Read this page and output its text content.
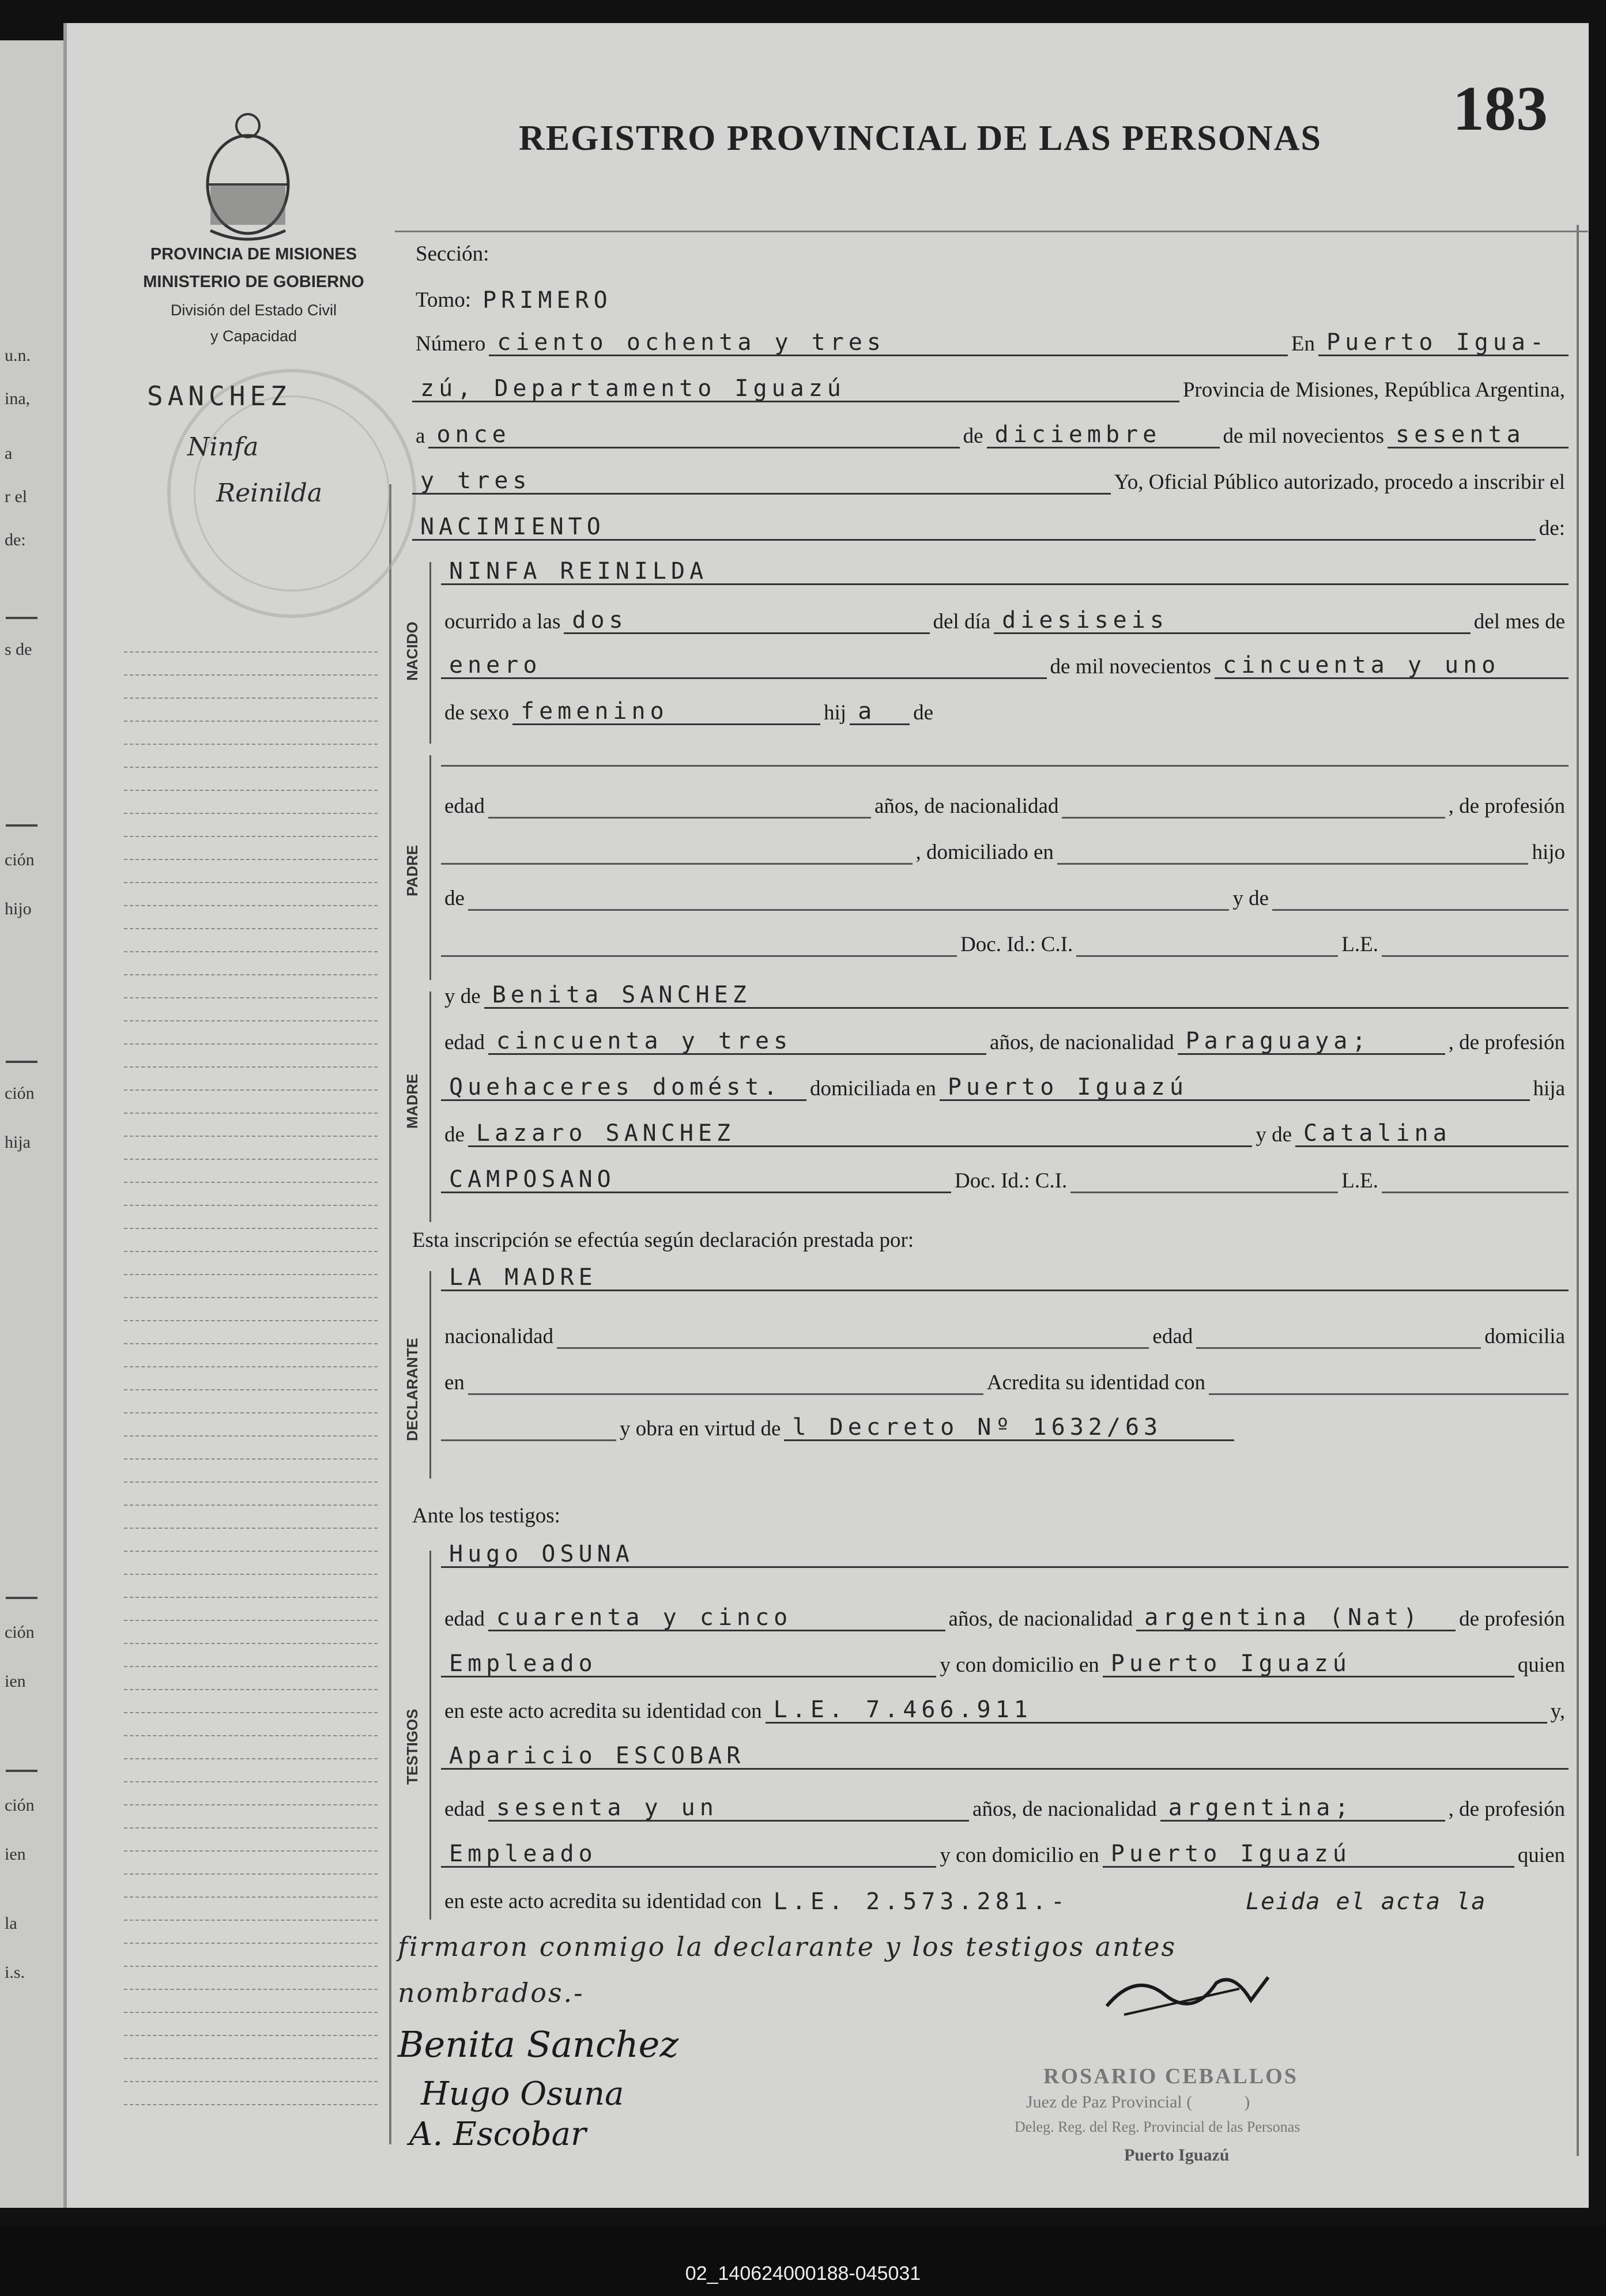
u.n.
ina,
a
r el
de:
s de
ción
hijo
ción
hija
ción
ien
ción
ien
la
i.s.
183
REGISTRO PROVINCIAL DE LAS PERSONAS
PROVINCIA DE MISIONES
MINISTERIO DE GOBIERNO
División del Estado Civil
y Capacidad
SANCHEZ
Ninfa
Reinilda
Sección:
Tomo: PRIMERO
Número ciento ochenta y tres	En Puerto Igua-
zú, Departamento Iguazú	Provincia de Misiones, República Argentina,
a once	de diciembre	de mil novecientos sesenta
y tres	Yo, Oficial Público autorizado, procedo a inscribir el
NACIMIENTO	de:
NACIDO
NINFA REINILDA
ocurrido a las dos	del día diesiseis	del mes de
enero	de mil novecientos cincuenta y uno
de sexo femenino	hij a	de
PADRE
edad	años, de nacionalidad	, de profesión
, domiciliado en	hijo
de	y de
Doc. Id.: C.I.	L.E.
MADRE
y de Benita SANCHEZ
edad cincuenta y tres	años, de nacionalidad Paraguaya;	, de profesión
Quehaceres domést.	domiciliada en Puerto Iguazú	hija
de Lazaro SANCHEZ	y de Catalina
CAMPOSANO	Doc. Id.: C.I.	L.E.
Esta inscripción se efectúa según declaración prestada por:
DECLARANTE
LA MADRE
nacionalidad	edad	domicilia
en	Acredita su identidad con
y obra en virtud de l Decreto Nº 1632/63
Ante los testigos:
TESTIGOS
Hugo OSUNA
edad cuarenta y cinco	años, de nacionalidad argentina (Nat)	de profesión
Empleado	y con domicilio en Puerto Iguazú	quien
en este acto acredita su identidad con L.E. 7.466.911	y,
Aparicio ESCOBAR
edad sesenta y un	años, de nacionalidad argentina;	, de profesión
Empleado	y con domicilio en Puerto Iguazú	quien
en este acto acredita su identidad con L.E. 2.573.281.-	Leida el acta la
firmaron conmigo la declarante y los testigos antes
nombrados.-
Benita Sanchez
Hugo Osuna
A. Escobar
ROSARIO CEBALLOS
Juez de Paz Provincial (	)
Deleg. Reg. del Reg. Provincial de las Personas
Puerto Iguazú
02_140624000188-045031
